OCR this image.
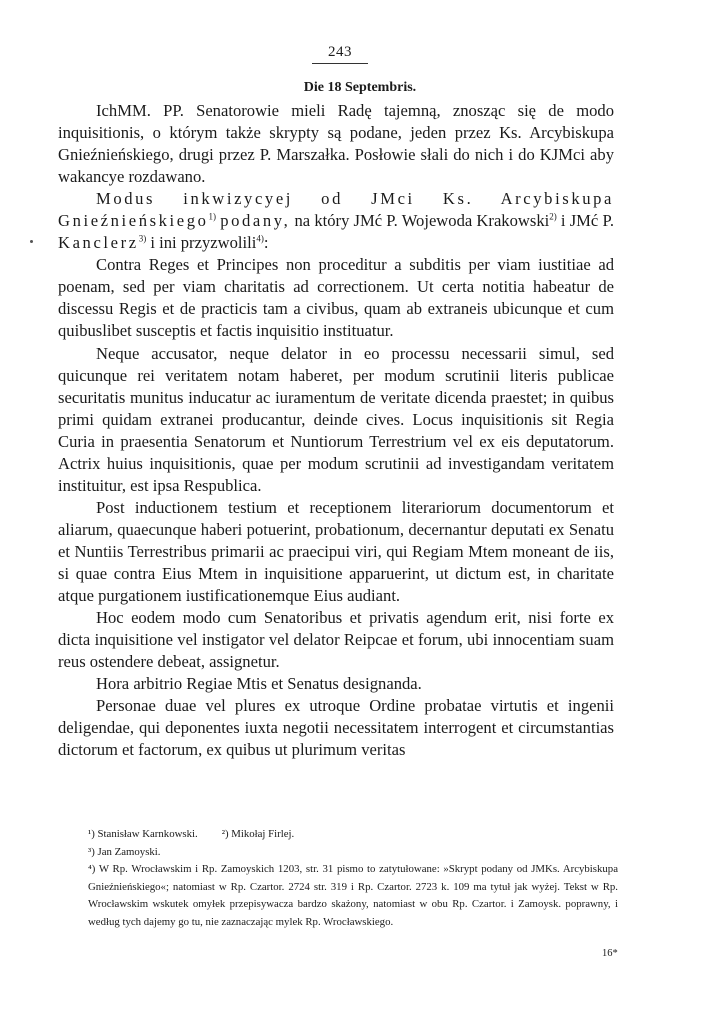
243
Die 18 Septembris.

IchMM. PP. Senatorowie mieli Radę tajemną, znosząc się de modo inquisitionis, o którym także skrypty są podane, jeden przez Ks. Arcybiskupa Gnieźnieńskiego, drugi przez P. Marszałka. Posłowie słali do nich i do KJMci aby wakancye rozdawano.

Modus inkwizycyej od JMci Ks. Arcybiskupa Gnieźnieńskiego$^{1)}$ podany, na który JMć P. Wojewoda Krakowski$^{2)}$ i JMć P. Kanclerz$^{3)}$ i ini przyzwolili$^{4)}$:

Contra Reges et Principes non proceditur a subditis per viam iustitiae ad poenam, sed per viam charitatis ad correctionem. Ut certa notitia habeatur de discessu Regis et de practicis tam a civibus, quam ab extraneis ubicunque et cum quibuslibet susceptis et factis inquisitio instituatur.

Neque accusator, neque delator in eo processu necessarii simul, sed quicunque rei veritatem notam haberet, per modum scrutinii literis publicae securitatis munitus inducatur ac iuramentum de veritate dicenda praestet; in quibus primi quidam extranei producantur, deinde cives. Locus inquisitionis sit Regia Curia in praesentia Senatorum et Nuntiorum Terrestrium vel ex eis deputatorum. Actrix huius inquisitionis, quae per modum scrutinii ad investigandam veritatem instituitur, est ipsa Respublica.

Post inductionem testium et receptionem literariorum documentorum et aliarum, quaecunque haberi potuerint, probationum, decernantur deputati ex Senatu et Nuntiis Terrestribus primarii ac praecipui viri, qui Regiam Mtem moneant de iis, si quae contra Eius Mtem in inquisitione apparuerint, ut dictum est, in charitate atque purgationem iustificationemque Eius audiant.

Hoc eodem modo cum Senatoribus et privatis agendum erit, nisi forte ex dicta inquisitione vel instigator vel delator Reipcae et forum, ubi innocentiam suam reus ostendere debeat, assignetur.

Hora arbitrio Regiae Mtis et Senatus designanda.

Personae duae vel plures ex utroque Ordine probatae virtutis et ingenii deligendae, qui deponentes iuxta negotii necessitatem interrogent et circumstantias dictorum et factorum, ex quibus ut plurimum veritas

¹) Stanisław Karnkowski. ²) Mikołaj Firlej.

³) Jan Zamoyski.

⁴) W Rp. Wrocławskim i Rp. Zamoyskich 1203, str. 31 pismo to zatytułowane: »Skrypt podany od JMKs. Arcybiskupa Gnieźnieńskiego«; natomiast w Rp. Czartor. 2724 str. 319 i Rp. Czartor. 2723 k. 109 ma tytuł jak wyżej. Tekst w Rp. Wrocławskim wskutek omyłek przepisywacza bardzo skażony, natomiast w obu Rp. Czartor. i Zamoysk. poprawny, i według tych dajemy go tu, nie zaznaczając mylek Rp. Wrocławskiego.

16*
